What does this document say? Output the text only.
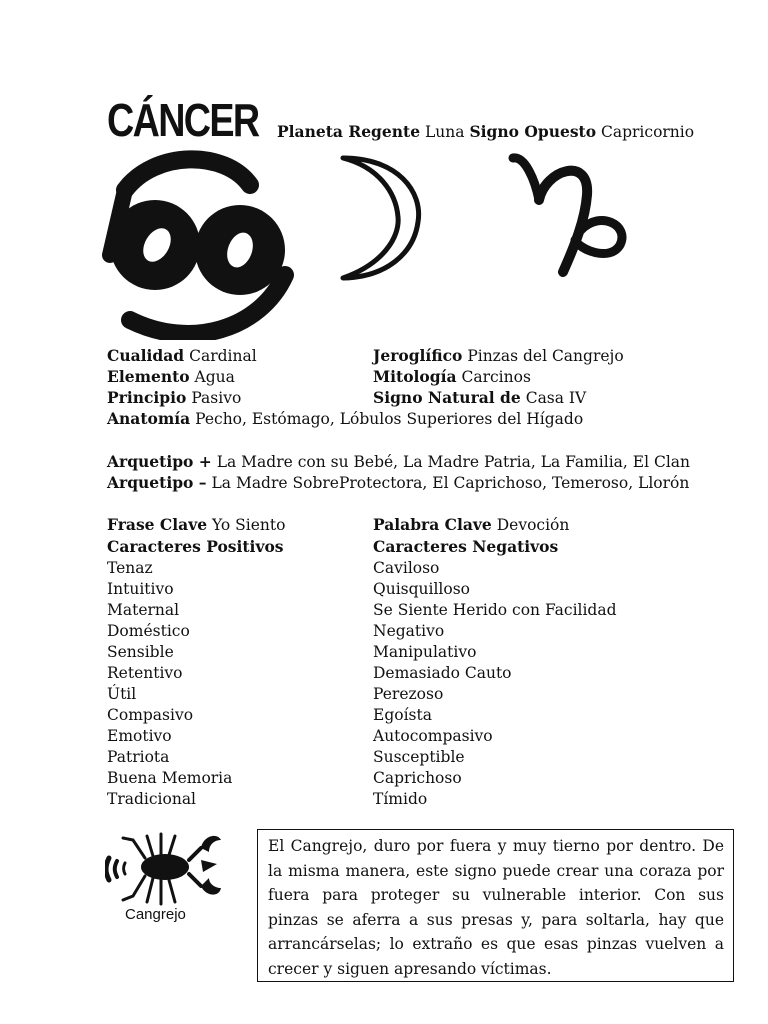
CÁNCER Planeta Regente Luna Signo Opuesto Capricornio
Cualidad Cardinal
Elemento Agua
Principio Pasivo
Jeroglífico Pinzas del Cangrejo
Mitología Carcinos
Signo Natural de Casa IV
Anatomía Pecho, Estómago, Lóbulos Superiores del Hígado
Arquetipo + La Madre con su Bebé, La Madre Patria, La Familia, El Clan
Arquetipo – La Madre SobreProtectora, El Caprichoso, Temeroso, Llorón
Frase Clave Yo Siento	Palabra Clave Devoción
Caracteres Positivos
Tenaz
Intuitivo
Maternal
Doméstico
Sensible
Retentivo
Útil
Compasivo
Emotivo
Patriota
Buena Memoria
Tradicional
Caracteres Negativos
Caviloso
Quisquilloso
Se Siente Herido con Facilidad
Negativo
Manipulativo
Demasiado Cauto
Perezoso
Egoísta
Autocompasivo
Susceptible
Caprichoso
Tímido
Cangrejo
El Cangrejo, duro por fuera y muy tierno por dentro. De la misma manera, este signo puede crear una coraza por fuera para proteger su vulnerable interior. Con sus pinzas se aferra a sus presas y, para soltarla, hay que arrancárselas; lo extraño es que esas pinzas vuelven a crecer y siguen apresando víctimas.
